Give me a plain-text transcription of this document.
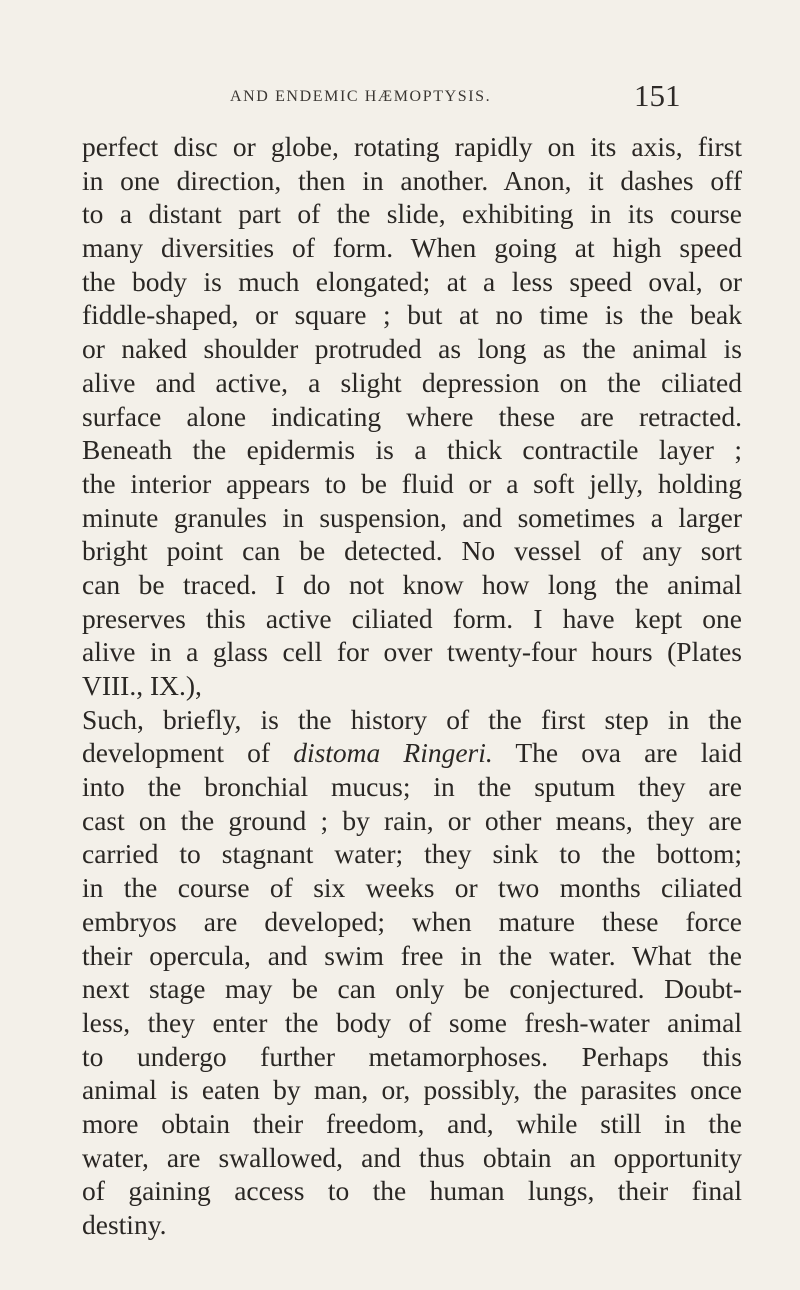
AND ENDEMIC HÆMOPTYSIS.	151
perfect disc or globe, rotating rapidly on its axis, first
in one direction, then in another. Anon, it dashes off
to a distant part of the slide, exhibiting in its course
many diversities of form. When going at high speed
the body is much elongated; at a less speed oval, or
fiddle-shaped, or square ; but at no time is the beak
or naked shoulder protruded as long as the animal is
alive and active, a slight depression on the ciliated
surface alone indicating where these are retracted.
Beneath the epidermis is a thick contractile layer ;
the interior appears to be fluid or a soft jelly, holding
minute granules in suspension, and sometimes a larger
bright point can be detected. No vessel of any sort
can be traced. I do not know how long the animal
preserves this active ciliated form. I have kept one
alive in a glass cell for over twenty-four hours (Plates
VIII., IX.),
Such, briefly, is the history of the first step in the
development of distoma Ringeri. The ova are laid
into the bronchial mucus; in the sputum they are
cast on the ground ; by rain, or other means, they are
carried to stagnant water; they sink to the bottom;
in the course of six weeks or two months ciliated
embryos are developed; when mature these force
their opercula, and swim free in the water. What the
next stage may be can only be conjectured. Doubt-
less, they enter the body of some fresh-water animal
to undergo further metamorphoses. Perhaps this
animal is eaten by man, or, possibly, the parasites once
more obtain their freedom, and, while still in the
water, are swallowed, and thus obtain an opportunity
of gaining access to the human lungs, their final
destiny.
